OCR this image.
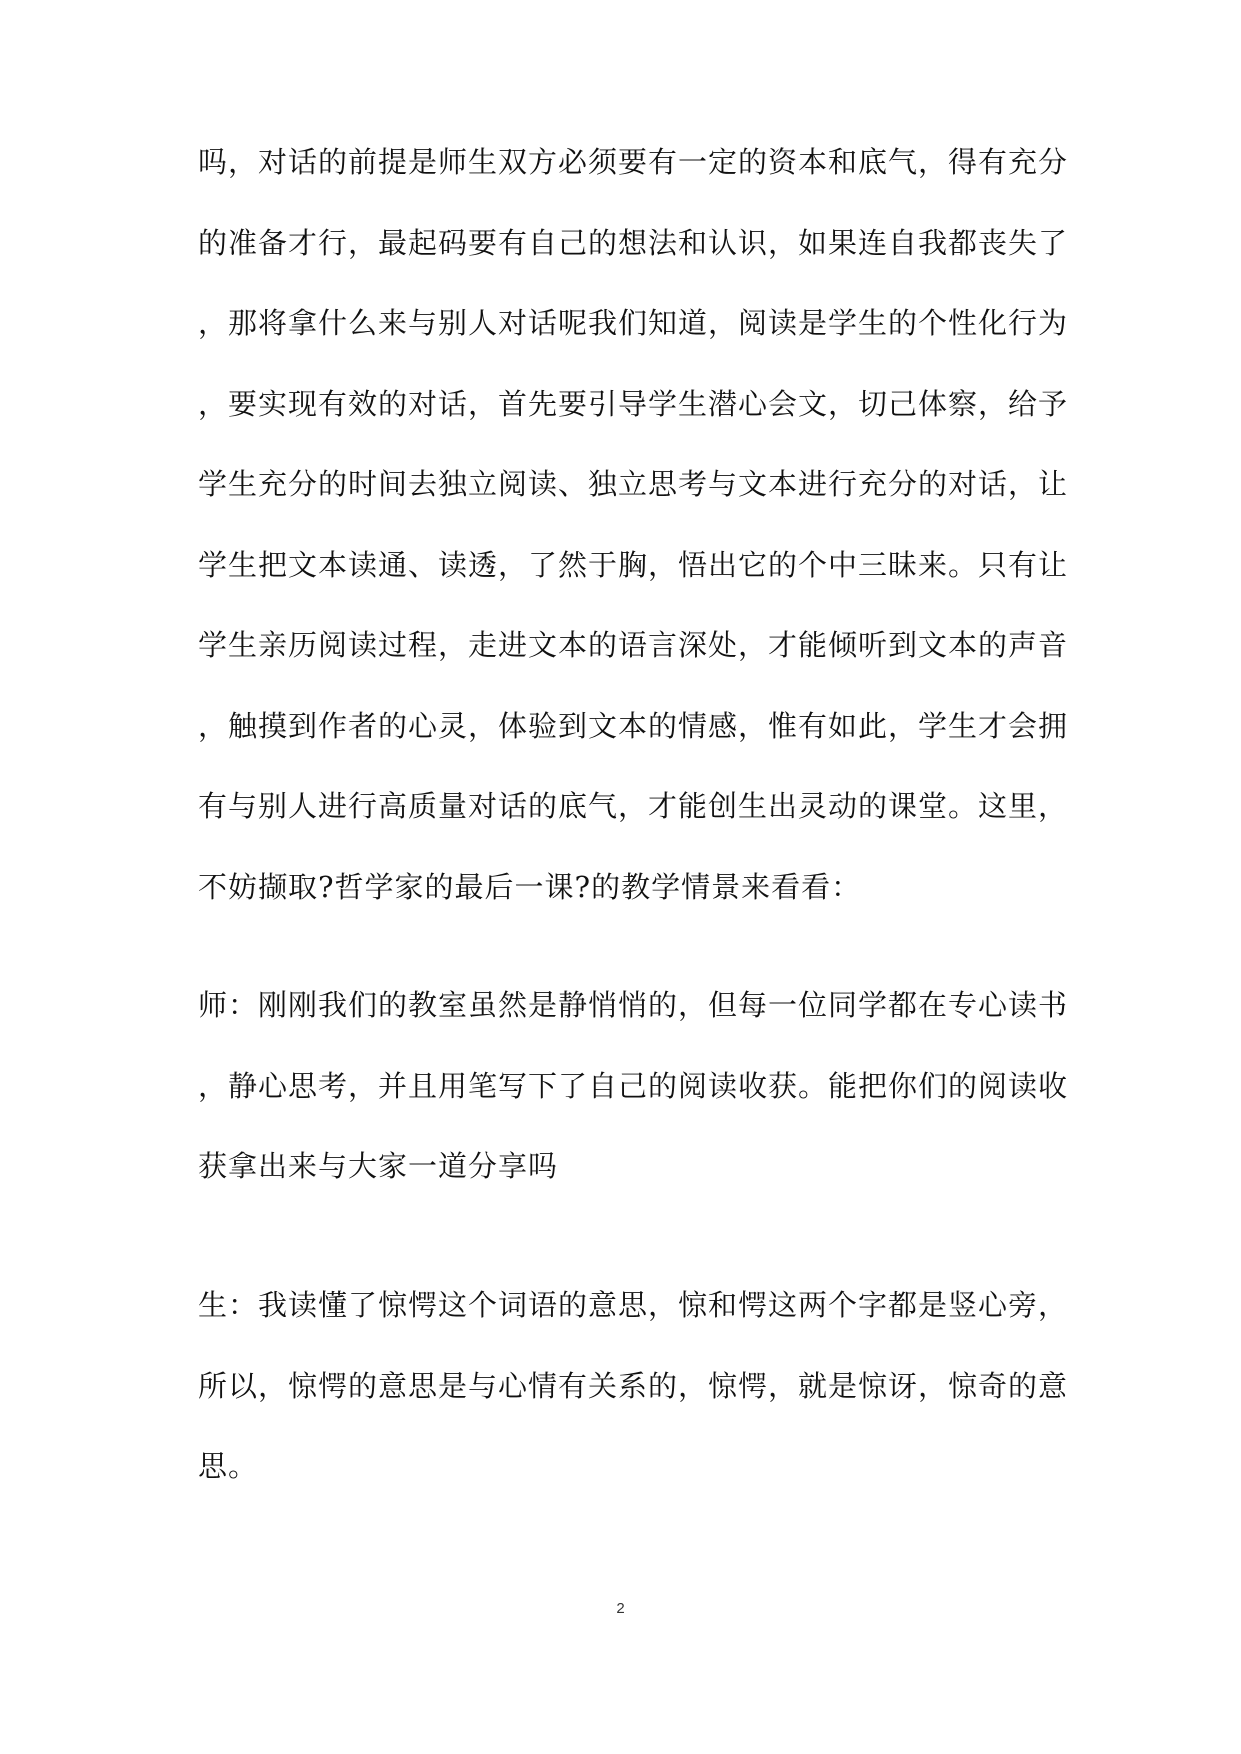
吗，对话的前提是师生双方必须要有一定的资本和底气，得有充分
的准备才行，最起码要有自己的想法和认识，如果连自我都丧失了
，那将拿什么来与别人对话呢我们知道，阅读是学生的个性化行为
，要实现有效的对话，首先要引导学生潜心会文，切己体察，给予
学生充分的时间去独立阅读、独立思考与文本进行充分的对话，让
学生把文本读通、读透，了然于胸，悟出它的个中三昧来。只有让
学生亲历阅读过程，走进文本的语言深处，才能倾听到文本的声音
，触摸到作者的心灵，体验到文本的情感，惟有如此，学生才会拥
有与别人进行高质量对话的底气，才能创生出灵动的课堂。这里，
不妨撷取?哲学家的最后一课?的教学情景来看看：
师：刚刚我们的教室虽然是静悄悄的，但每一位同学都在专心读书
，静心思考，并且用笔写下了自己的阅读收获。能把你们的阅读收
获拿出来与大家一道分享吗
生：我读懂了惊愕这个词语的意思，惊和愕这两个字都是竖心旁，
所以，惊愕的意思是与心情有关系的，惊愕，就是惊讶，惊奇的意
思。
2
